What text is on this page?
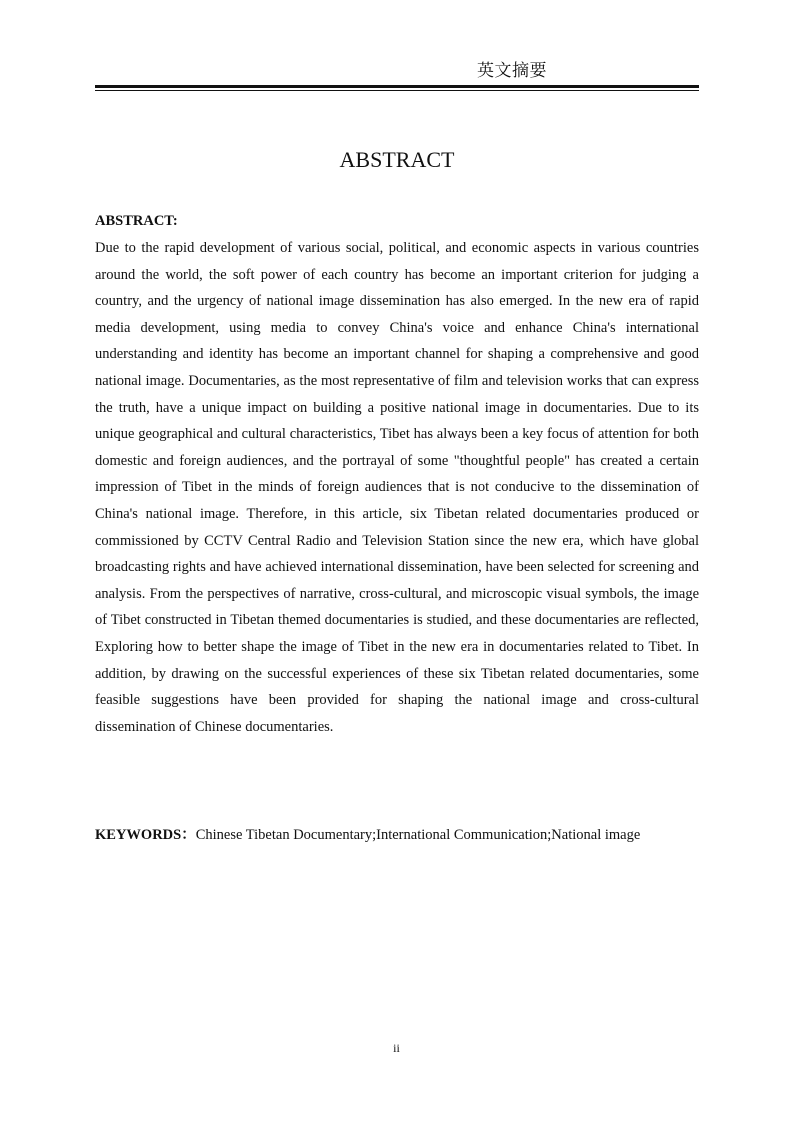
英文摘要
ABSTRACT
ABSTRACT:

Due to the rapid development of various social, political, and economic aspects in various countries around the world, the soft power of each country has become an important criterion for judging a country, and the urgency of national image dissemination has also emerged. In the new era of rapid media development, using media to convey China's voice and enhance China's international understanding and identity has become an important channel for shaping a comprehensive and good national image. Documentaries, as the most representative of film and television works that can express the truth, have a unique impact on building a positive national image in documentaries. Due to its unique geographical and cultural characteristics, Tibet has always been a key focus of attention for both domestic and foreign audiences, and the portrayal of some "thoughtful people" has created a certain impression of Tibet in the minds of foreign audiences that is not conducive to the dissemination of China's national image. Therefore, in this article, six Tibetan related documentaries produced or commissioned by CCTV Central Radio and Television Station since the new era, which have global broadcasting rights and have achieved international dissemination, have been selected for screening and analysis. From the perspectives of narrative, cross-cultural, and microscopic visual symbols, the image of Tibet constructed in Tibetan themed documentaries is studied, and these documentaries are reflected, Exploring how to better shape the image of Tibet in the new era in documentaries related to Tibet. In addition, by drawing on the successful experiences of these six Tibetan related documentaries, some feasible suggestions have been provided for shaping the national image and cross-cultural dissemination of Chinese documentaries.

KEYWORDS：Chinese Tibetan Documentary;International Communication;National image
ii
